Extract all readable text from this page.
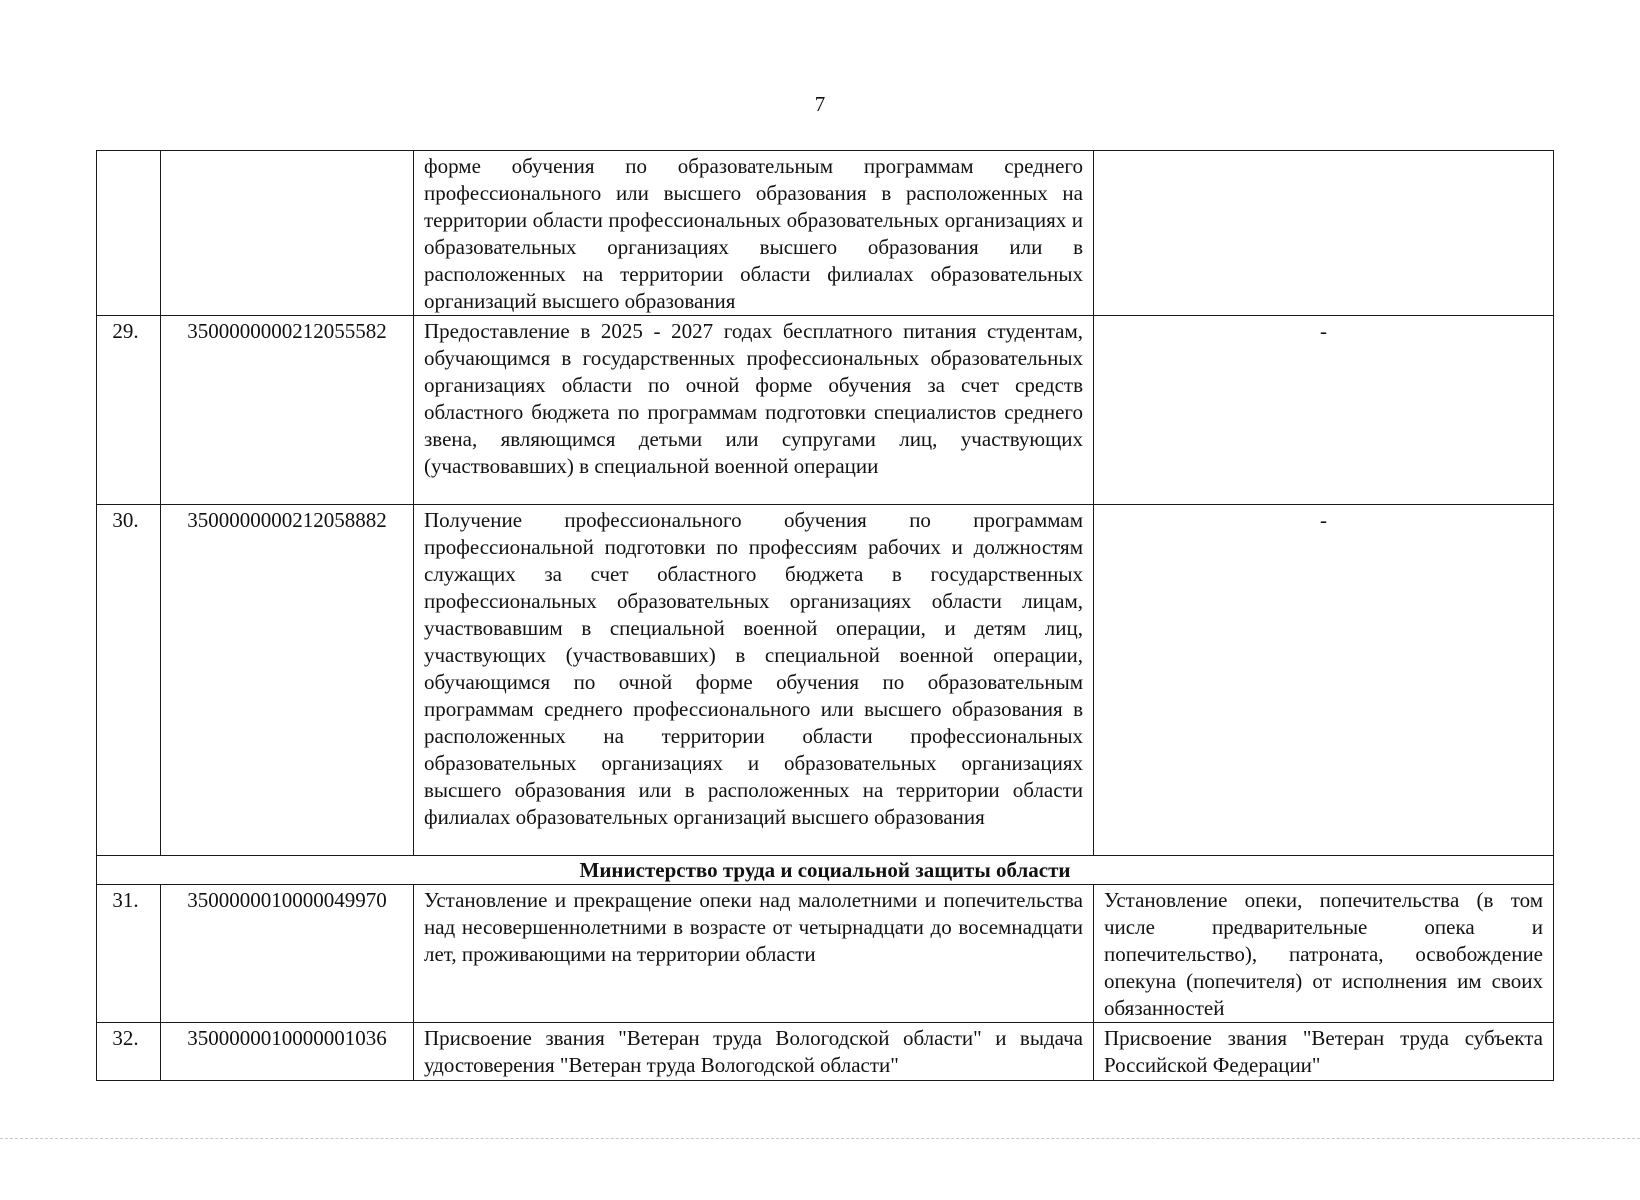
7
		форме обучения по образовательным программам среднего профессионального или высшего образования в расположенных на территории области профессиональных образовательных организациях и образовательных организациях высшего образования или в расположенных на территории области филиалах образовательных организаций высшего образования	
29.	3500000000212055582	Предоставление в 2025 - 2027 годах бесплатного питания студентам, обучающимся в государственных профессиональных образовательных организациях области по очной форме обучения за счет средств областного бюджета по программам подготовки специалистов среднего звена, являющимся детьми или супругами лиц, участвующих (участвовавших) в специальной военной операции	-
30.	3500000000212058882	Получение профессионального обучения по программам профессиональной подготовки по профессиям рабочих и должностям служащих за счет областного бюджета в государственных профессиональных образовательных организациях области лицам, участвовавшим в специальной военной операции, и детям лиц, участвующих (участвовавших) в специальной военной операции, обучающимся по очной форме обучения по образовательным программам среднего профессионального или высшего образования в расположенных на территории области профессиональных образовательных организациях и образовательных организациях высшего образования или в расположенных на территории области филиалах образовательных организаций высшего образования	-
Министерство труда и социальной защиты области			
31.	3500000010000049970	Установление и прекращение опеки над малолетними и попечительства над несовершеннолетними в возрасте от четырнадцати до восемнадцати лет, проживающими на территории области	Установление опеки, попечительства (в том числе предварительные опека и попечительство), патроната, освобождение опекуна (попечителя) от исполнения им своих обязанностей
32.	3500000010000001036	Присвоение звания "Ветеран труда Вологодской области" и выдача удостоверения "Ветеран труда Вологодской области"	Присвоение звания "Ветеран труда субъекта Российской Федерации"
